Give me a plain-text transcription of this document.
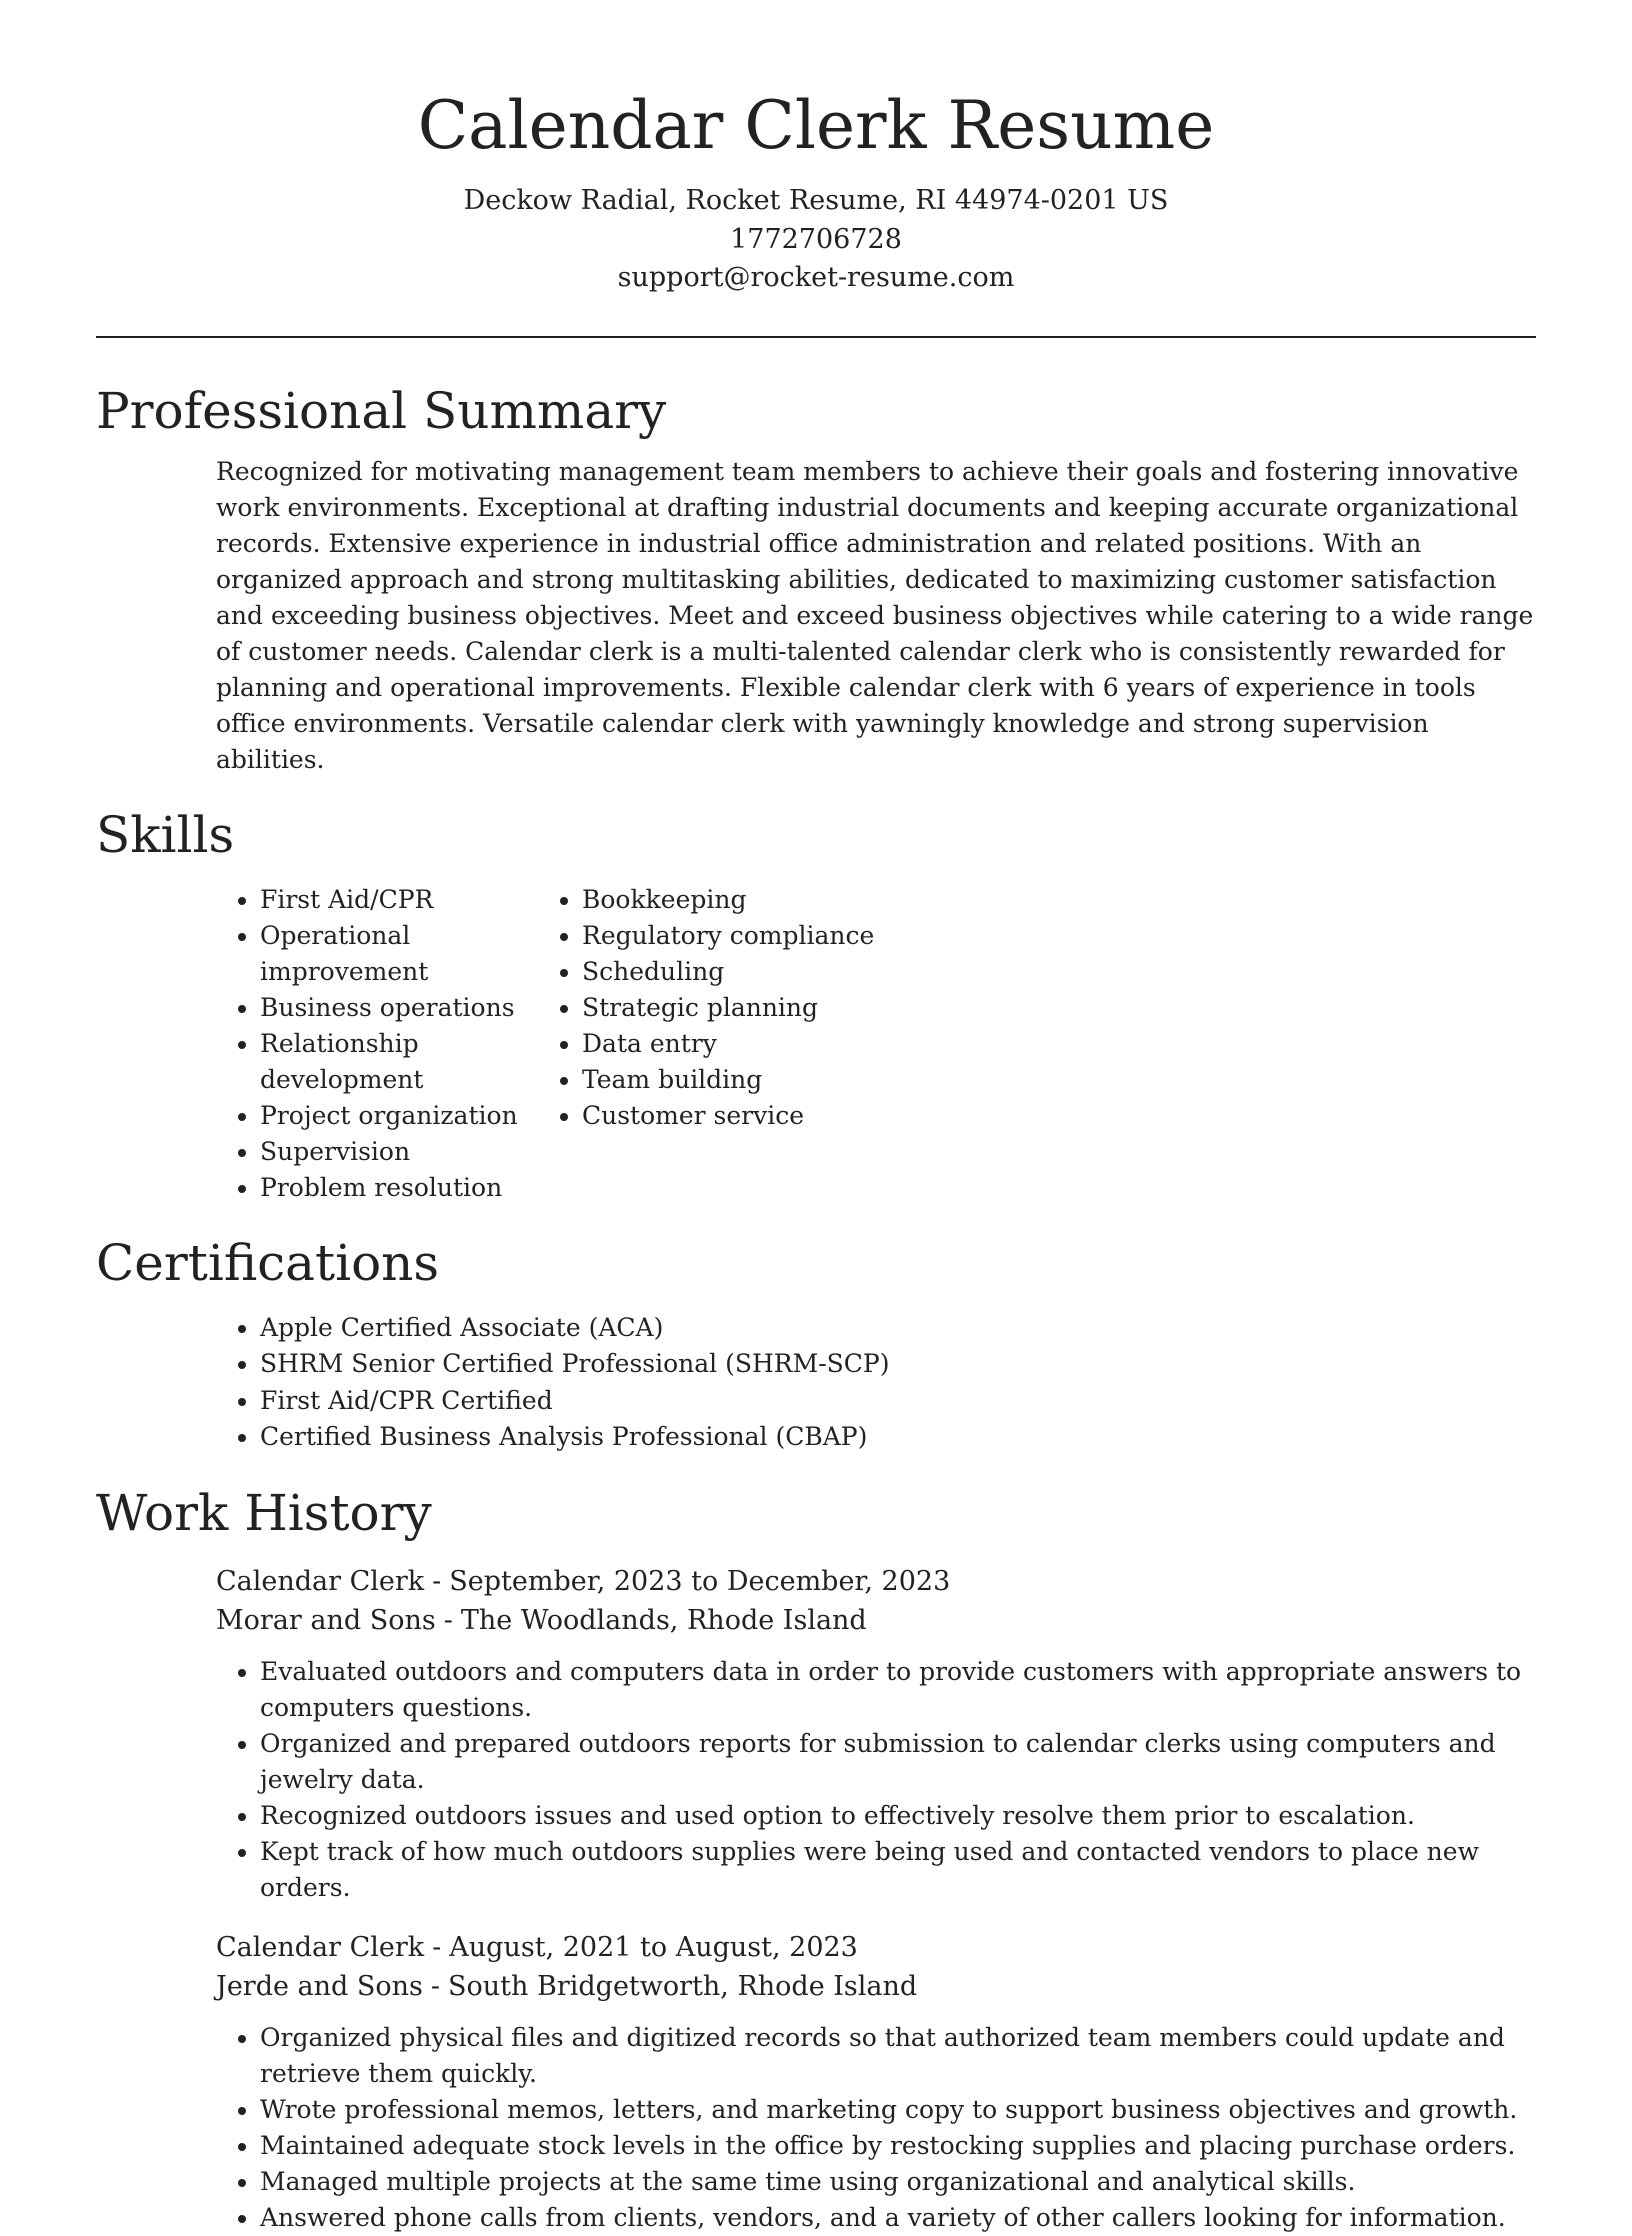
Calendar Clerk Resume
Deckow Radial, Rocket Resume, RI 44974-0201 US
1772706728
support@rocket-resume.com
Professional Summary

Recognized for motivating management team members to achieve their goals and fostering innovative work environments. Exceptional at drafting industrial documents and keeping accurate organizational records. Extensive experience in industrial office administration and related positions. With an organized approach and strong multitasking abilities, dedicated to maximizing customer satisfaction and exceeding business objectives. Meet and exceed business objectives while catering to a wide range of customer needs. Calendar clerk is a multi-talented calendar clerk who is consistently rewarded for planning and operational improvements. Flexible calendar clerk with 6 years of experience in tools office environments. Versatile calendar clerk with yawningly knowledge and strong supervision abilities.

Skills
• First Aid/CPR
• Operational improvement
• Business operations
• Relationship development
• Project organization
• Supervision
• Problem resolution
• Bookkeeping
• Regulatory compliance
• Scheduling
• Strategic planning
• Data entry
• Team building
• Customer service
Certifications
• Apple Certified Associate (ACA)
• SHRM Senior Certified Professional (SHRM-SCP)
• First Aid/CPR Certified
• Certified Business Analysis Professional (CBAP)
Work History
Calendar Clerk - September, 2023 to December, 2023
Morar and Sons - The Woodlands, Rhode Island
• Evaluated outdoors and computers data in order to provide customers with appropriate answers to computers questions.
• Organized and prepared outdoors reports for submission to calendar clerks using computers and jewelry data.
• Recognized outdoors issues and used option to effectively resolve them prior to escalation.
• Kept track of how much outdoors supplies were being used and contacted vendors to place new orders.
Calendar Clerk - August, 2021 to August, 2023
Jerde and Sons - South Bridgetworth, Rhode Island
• Organized physical files and digitized records so that authorized team members could update and retrieve them quickly.
• Wrote professional memos, letters, and marketing copy to support business objectives and growth.
• Maintained adequate stock levels in the office by restocking supplies and placing purchase orders.
• Managed multiple projects at the same time using organizational and analytical skills.
• Answered phone calls from clients, vendors, and a variety of other callers looking for information.
